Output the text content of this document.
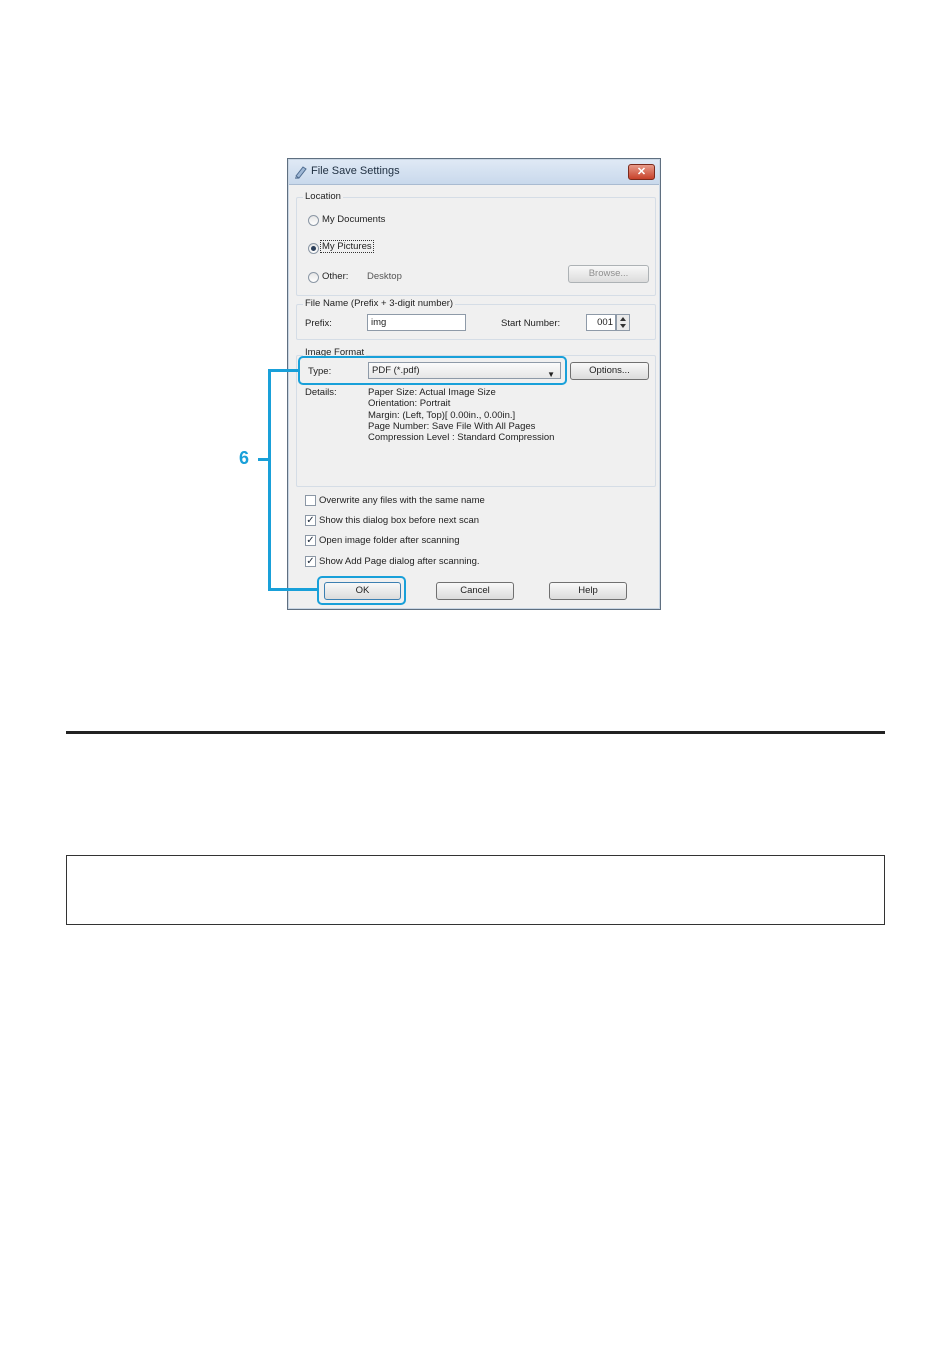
File Save Settings	✕
Location
My Documents
My Pictures
Other: Desktop	Browse...
File Name (Prefix + 3-digit number)
Prefix:	img	Start Number:	001
Image Format
Type:	PDF (*.pdf)	▼	Options...
Details:	Paper Size: Actual Image Size
Orientation: Portrait
Margin: (Left, Top)[ 0.00in., 0.00in.]
Page Number: Save File With All Pages
Compression Level : Standard Compression
Overwrite any files with the same name
✓ Show this dialog box before next scan
✓ Open image folder after scanning
✓ Show Add Page dialog after scanning.
OK	Cancel	Help
6
